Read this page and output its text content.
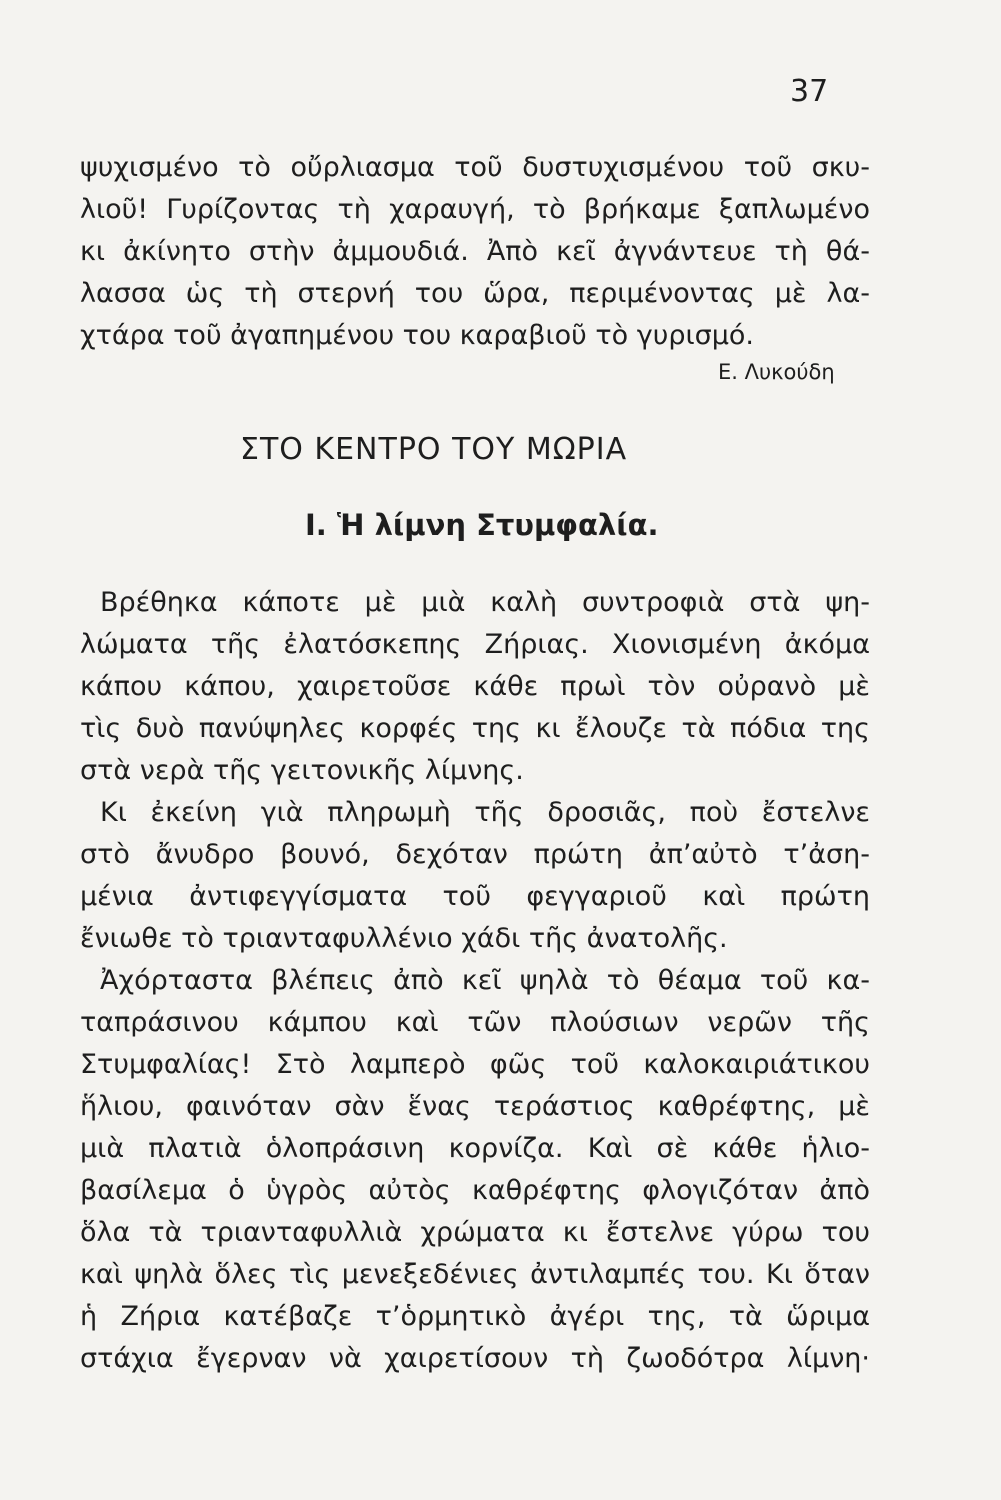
37
ψυχισμένο τὸ οὔρλιασμα τοῦ δυστυχισμένου τοῦ σκυ-
λιοῦ! Γυρίζοντας τὴ χαραυγή, τὸ βρήκαμε ξαπλωμένο
κι ἀκίνητο στὴν ἀμμουδιά. Ἀπὸ κεῖ ἀγνάντευε τὴ θά-
λασσα ὡς τὴ στερνή του ὥρα, περιμένοντας μὲ λα-
χτάρα τοῦ ἀγαπημένου του καραβιοῦ τὸ γυρισμό.
Ε. Λυκούδη
ΣΤΟ ΚΕΝΤΡΟ ΤΟΥ ΜΩΡΙΑ
Ι. Ἡ λίμνη Στυμφαλία.
Βρέθηκα κάποτε μὲ μιὰ καλὴ συντροφιὰ στὰ ψη-
λώματα τῆς ἐλατόσκεπης Ζήριας. Χιονισμένη ἀκόμα
κάπου κάπου, χαιρετοῦσε κάθε πρωὶ τὸν οὐρανὸ μὲ
τὶς δυὸ πανύψηλες κορφές της κι ἔλουζε τὰ πόδια της
στὰ νερὰ τῆς γειτονικῆς λίμνης.
Κι ἐκείνη γιὰ πληρωμὴ τῆς δροσιᾶς, ποὺ ἔστελνε
στὸ ἄνυδρο βουνό, δεχόταν πρώτη ἀπ’αὐτὸ τ’ἀση-
μένια ἀντιφεγγίσματα τοῦ φεγγαριοῦ καὶ πρώτη
ἔνιωθε τὸ τριανταφυλλένιο χάδι τῆς ἀνατολῆς.
Ἀχόρταστα βλέπεις ἀπὸ κεῖ ψηλὰ τὸ θέαμα τοῦ κα-
ταπράσινου κάμπου καὶ τῶν πλούσιων νερῶν τῆς
Στυμφαλίας! Στὸ λαμπερὸ φῶς τοῦ καλοκαιριάτικου
ἥλιου, φαινόταν σὰν ἕνας τεράστιος καθρέφτης, μὲ
μιὰ πλατιὰ ὁλοπράσινη κορνίζα. Καὶ σὲ κάθε ἡλιο-
βασίλεμα ὁ ὑγρὸς αὐτὸς καθρέφτης φλογιζόταν ἀπὸ
ὅλα τὰ τριανταφυλλιὰ χρώματα κι ἔστελνε γύρω του
καὶ ψηλὰ ὅλες τὶς μενεξεδένιες ἀντιλαμπές του. Κι ὅταν
ἡ Ζήρια κατέβαζε τ’ὁρμητικὸ ἀγέρι της, τὰ ὥριμα
στάχια ἔγερναν νὰ χαιρετίσουν τὴ ζωοδότρα λίμνη·
